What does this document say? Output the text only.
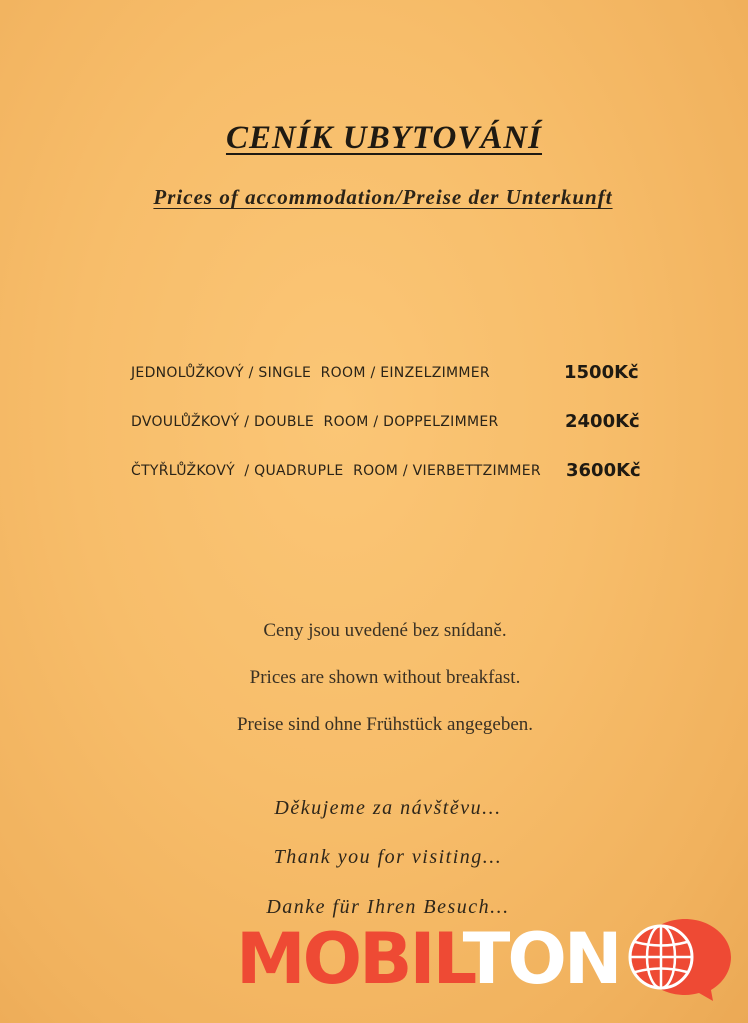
CENÍK UBYTOVÁNÍ
Prices of accommodation/Preise der Unterkunft
JEDNOLŮŽKOVÝ / SINGLE  ROOM / EINZELZIMMER	1500Kč
DVOULŮŽKOVÝ / DOUBLE  ROOM / DOPPELZIMMER	2400Kč
ČTYŘLŮŽKOVÝ  / QUADRUPLE  ROOM / VIERBETTZIMMER 3600Kč
Ceny jsou uvedené bez snídaně.
Prices are shown without breakfast.
Preise sind ohne Frühstück angegeben.
Děkujeme za návštěvu...
Thank you for visiting...
Danke für Ihren Besuch...
MOBILTON
